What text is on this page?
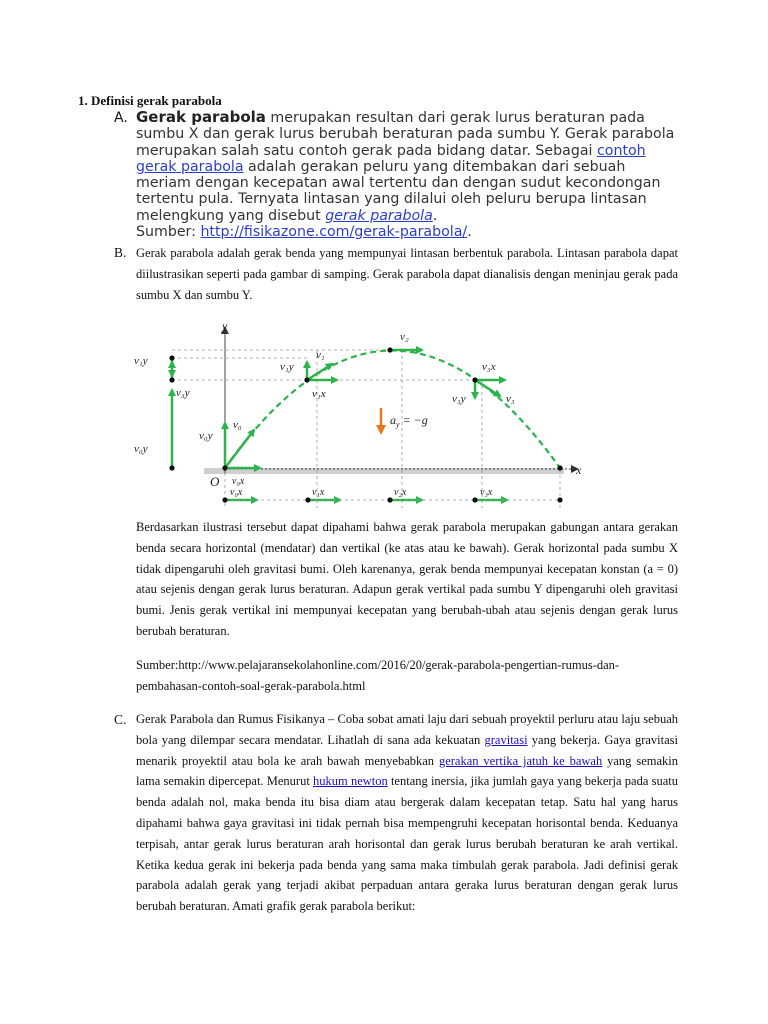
1. Definisi gerak parabola
A. Gerak parabola merupakan resultan dari gerak lurus beraturan pada sumbu X dan gerak lurus berubah beraturan pada sumbu Y. Gerak parabola merupakan salah satu contoh gerak pada bidang datar. Sebagai contoh gerak parabola adalah gerakan peluru yang ditembakan dari sebuah meriam dengan kecepatan awal tertentu dan dengan sudut kecondongan tertentu pula. Ternyata lintasan yang dilalui oleh peluru berupa lintasan melengkung yang disebut gerak parabola.
Sumber: http://fisikazone.com/gerak-parabola/.
B. Gerak parabola adalah gerak benda yang mempunyai lintasan berbentuk parabola. Lintasan parabola dapat diilustrasikan seperti pada gambar di samping. Gerak parabola dapat dianalisis dengan meninjau gerak pada sumbu X dan sumbu Y.
y
x
O
v₁y
v₃y
v₀y
v₀y
v₀
v₀x
v₁y
v₁
v₁x
v₂
$a_y = -g$
v₃x
v₃y	v₃
v₀x	v₁x	v₂x	v₃x
Berdasarkan ilustrasi tersebut dapat dipahami bahwa gerak parabola merupakan gabungan antara gerakan benda secara horizontal (mendatar) dan vertikal (ke atas atau ke bawah). Gerak horizontal pada sumbu X tidak dipengaruhi oleh gravitasi bumi. Oleh karenanya, gerak benda mempunyai kecepatan konstan (a = 0) atau sejenis dengan gerak lurus beraturan. Adapun gerak vertikal pada sumbu Y dipengaruhi oleh gravitasi bumi. Jenis gerak vertikal ini mempunyai kecepatan yang berubah-ubah atau sejenis dengan gerak lurus berubah beraturan.
Sumber:http://www.pelajaransekolahonline.com/2016/20/gerak-parabola-pengertian-rumus-dan-pembahasan-contoh-soal-gerak-parabola.html
C. Gerak Parabola dan Rumus Fisikanya – Coba sobat amati laju dari sebuah proyektil perluru atau laju sebuah bola yang dilempar secara mendatar. Lihatlah di sana ada kekuatan gravitasi yang bekerja. Gaya gravitasi menarik proyektil atau bola ke arah bawah menyebabkan gerakan vertika jatuh ke bawah yang semakin lama semakin dipercepat. Menurut hukum newton tentang inersia, jika jumlah gaya yang bekerja pada suatu benda adalah nol, maka benda itu bisa diam atau bergerak dalam kecepatan tetap. Satu hal yang harus dipahami bahwa gaya gravitasi ini tidak pernah bisa mempengruhi kecepatan horisontal benda. Keduanya terpisah, antar gerak lurus beraturan arah horisontal dan gerak lurus berubah beraturan ke arah vertikal. Ketika kedua gerak ini bekerja pada benda yang sama maka timbulah gerak parabola. Jadi definisi gerak parabola adalah gerak yang terjadi akibat perpaduan antara geraka lurus beraturan dengan gerak lurus berubah beraturan. Amati grafik gerak parabola berikut:
